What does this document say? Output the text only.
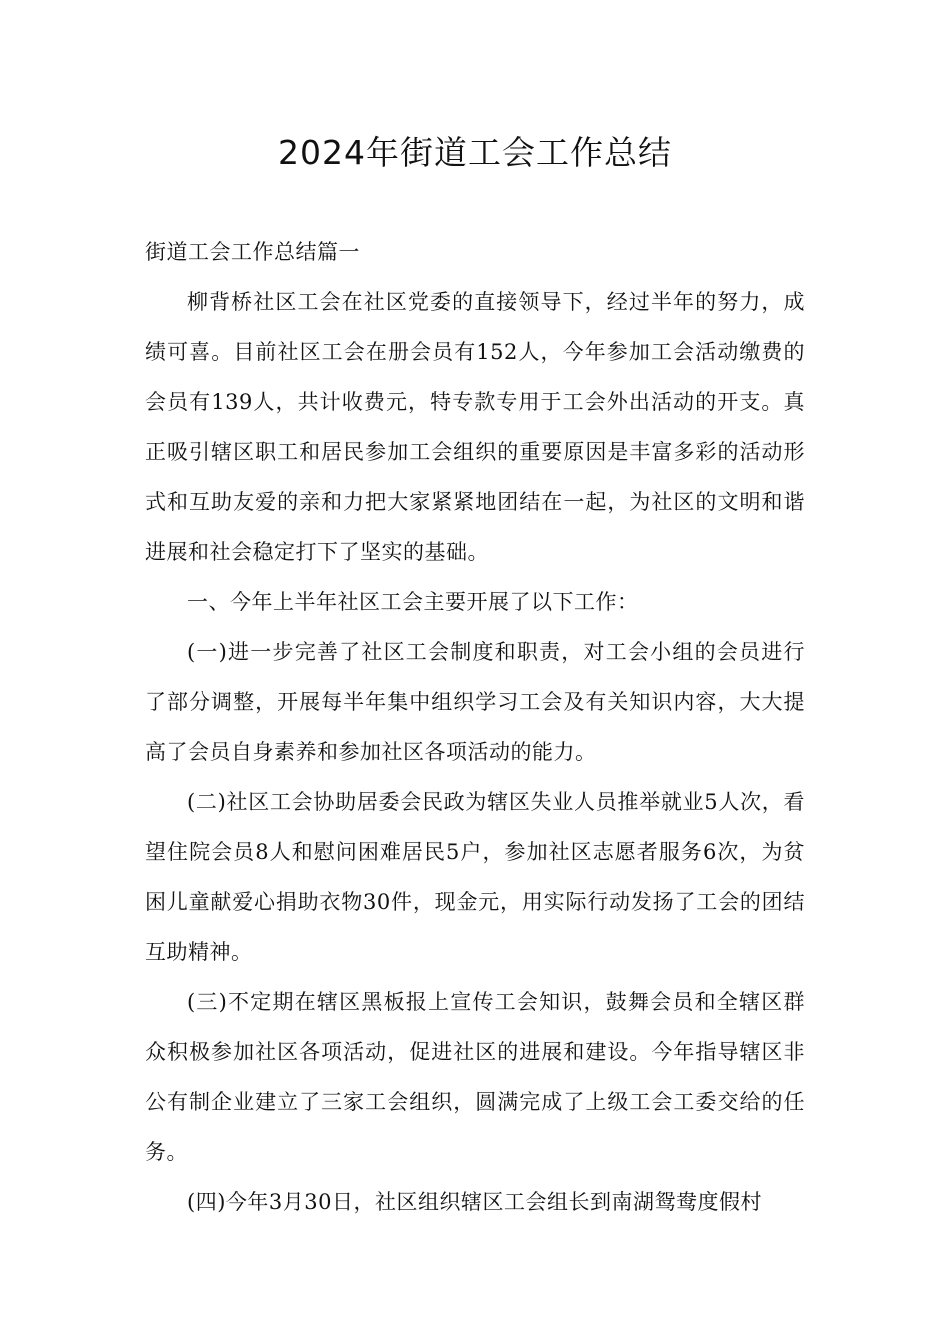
2024年街道工会工作总结

街道工会工作总结篇一

柳背桥社区工会在社区党委的直接领导下，经过半年的努力，成绩可喜。目前社区工会在册会员有152人，今年参加工会活动缴费的会员有139人，共计收费元，特专款专用于工会外出活动的开支。真正吸引辖区职工和居民参加工会组织的重要原因是丰富多彩的活动形式和互助友爱的亲和力把大家紧紧地团结在一起，为社区的文明和谐进展和社会稳定打下了坚实的基础。

一、今年上半年社区工会主要开展了以下工作：

(一)进一步完善了社区工会制度和职责，对工会小组的会员进行了部分调整，开展每半年集中组织学习工会及有关知识内容，大大提高了会员自身素养和参加社区各项活动的能力。

(二)社区工会协助居委会民政为辖区失业人员推举就业5人次，看望住院会员8人和慰问困难居民5户，参加社区志愿者服务6次，为贫困儿童献爱心捐助衣物30件，现金元，用实际行动发扬了工会的团结互助精神。

(三)不定期在辖区黑板报上宣传工会知识，鼓舞会员和全辖区群众积极参加社区各项活动，促进社区的进展和建设。今年指导辖区非公有制企业建立了三家工会组织，圆满完成了上级工会工委交给的任务。

(四)今年3月30日，社区组织辖区工会组长到南湖鸳鸯度假村
